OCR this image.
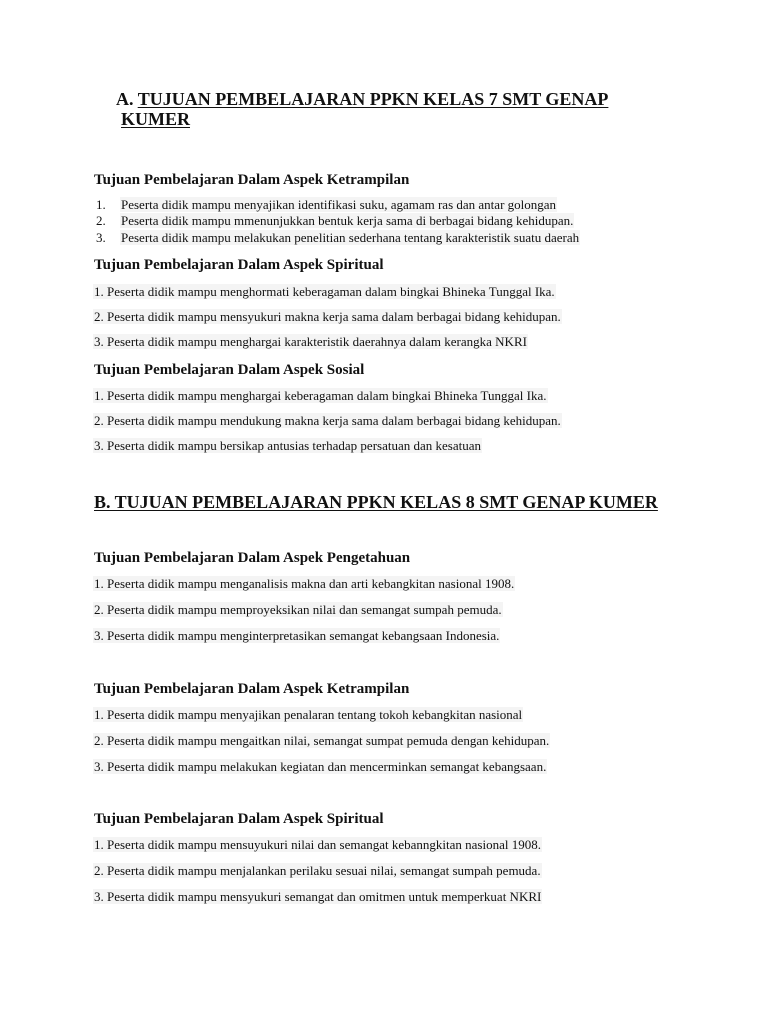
A. TUJUAN PEMBELAJARAN PPKN KELAS 7 SMT GENAP
KUMER
Tujuan Pembelajaran Dalam Aspek Ketrampilan
1. Peserta didik mampu menyajikan identifikasi suku, agamam ras dan antar golongan
2. Peserta didik mampu mmenunjukkan bentuk kerja sama di berbagai bidang kehidupan.
3. Peserta didik mampu melakukan penelitian sederhana tentang karakteristik suatu daerah
Tujuan Pembelajaran Dalam Aspek Spiritual
1. Peserta didik mampu menghormati keberagaman dalam bingkai Bhineka Tunggal Ika.
2. Peserta didik mampu mensyukuri makna kerja sama dalam berbagai bidang kehidupan.
3. Peserta didik mampu menghargai karakteristik daerahnya dalam kerangka NKRI
Tujuan Pembelajaran Dalam Aspek Sosial
1. Peserta didik mampu menghargai keberagaman dalam bingkai Bhineka Tunggal Ika.
2. Peserta didik mampu mendukung makna kerja sama dalam berbagai bidang kehidupan.
3. Peserta didik mampu bersikap antusias terhadap persatuan dan kesatuan
B. TUJUAN PEMBELAJARAN PPKN KELAS 8 SMT GENAP KUMER
Tujuan Pembelajaran Dalam Aspek Pengetahuan
1. Peserta didik mampu menganalisis makna dan arti kebangkitan nasional 1908.
2. Peserta didik mampu memproyeksikan nilai dan semangat sumpah pemuda.
3. Peserta didik mampu menginterpretasikan semangat kebangsaan Indonesia.
Tujuan Pembelajaran Dalam Aspek Ketrampilan
1. Peserta didik mampu menyajikan penalaran tentang tokoh kebangkitan nasional
2. Peserta didik mampu mengaitkan nilai, semangat sumpat pemuda dengan kehidupan.
3. Peserta didik mampu melakukan kegiatan dan mencerminkan semangat kebangsaan.
Tujuan Pembelajaran Dalam Aspek Spiritual
1. Peserta didik mampu mensuyukuri nilai dan semangat kebanngkitan nasional 1908.
2. Peserta didik mampu menjalankan perilaku sesuai nilai, semangat sumpah pemuda.
3. Peserta didik mampu mensyukuri semangat dan omitmen untuk memperkuat NKRI
